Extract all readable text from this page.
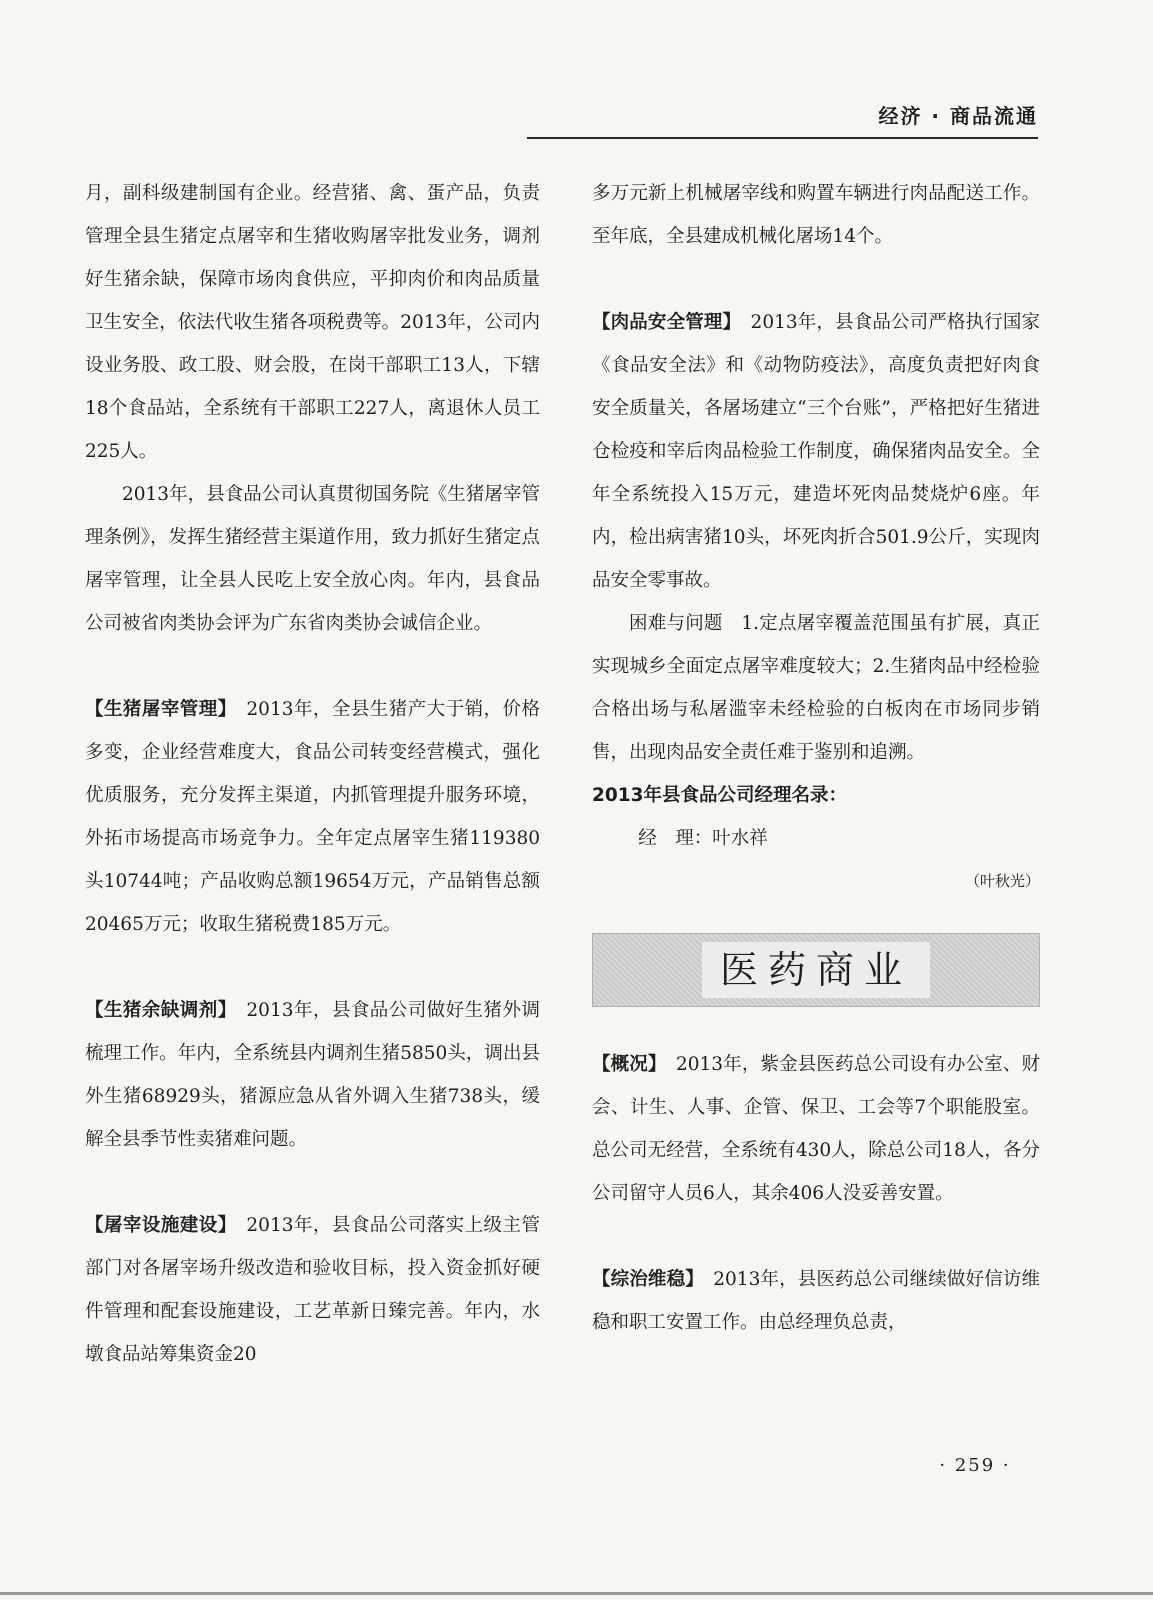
经济 · 商品流通

月，副科级建制国有企业。经营猪、禽、蛋产品，负责管理全县生猪定点屠宰和生猪收购屠宰批发业务，调剂好生猪余缺，保障市场肉食供应，平抑肉价和肉品质量卫生安全，依法代收生猪各项税费等。2013年，公司内设业务股、政工股、财会股，在岗干部职工13人，下辖18个食品站，全系统有干部职工227人，离退休人员工225人。

2013年，县食品公司认真贯彻国务院《生猪屠宰管理条例》，发挥生猪经营主渠道作用，致力抓好生猪定点屠宰管理，让全县人民吃上安全放心肉。年内，县食品公司被省肉类协会评为广东省肉类协会诚信企业。

【生猪屠宰管理】　 2013年，全县生猪产大于销，价格多变，企业经营难度大，食品公司转变经营模式，强化优质服务，充分发挥主渠道，内抓管理提升服务环境，外拓市场提高市场竞争力。全年定点屠宰生猪119380头10744吨；产品收购总额19654万元，产品销售总额20465万元；收取生猪税费185万元。

【生猪余缺调剂】　 2013年，县食品公司做好生猪外调梳理工作。年内，全系统县内调剂生猪5850头，调出县外生猪68929头，猪源应急从省外调入生猪738头，缓解全县季节性卖猪难问题。

【屠宰设施建设】　 2013年，县食品公司落实上级主管部门对各屠宰场升级改造和验收目标，投入资金抓好硬件管理和配套设施建设，工艺革新日臻完善。年内，水墩食品站筹集资金20

多万元新上机械屠宰线和购置车辆进行肉品配送工作。至年底，全县建成机械化屠场14个。

【肉品安全管理】　 2013年，县食品公司严格执行国家《食品安全法》和《动物防疫法》，高度负责把好肉食安全质量关，各屠场建立“三个台账”，严格把好生猪进仓检疫和宰后肉品检验工作制度，确保猪肉品安全。全年全系统投入15万元，建造坏死肉品焚烧炉6座。年内，检出病害猪10头，坏死肉折合501.9公斤，实现肉品安全零事故。

困难与问题　 1.定点屠宰覆盖范围虽有扩展，真正实现城乡全面定点屠宰难度较大；2.生猪肉品中经检验合格出场与私屠滥宰未经检验的白板肉在市场同步销售，出现肉品安全责任难于鉴别和追溯。

2013年县食品公司经理名录：

经　理：叶水祥

（叶秋光）

医药商业

【概况】　 2013年，紫金县医药总公司设有办公室、财会、计生、人事、企管、保卫、工会等7个职能股室。总公司无经营，全系统有430人，除总公司18人，各分公司留守人员6人，其余406人没妥善安置。

【综治维稳】　 2013年，县医药总公司继续做好信访维稳和职工安置工作。由总经理负总责，

· 259 ·
